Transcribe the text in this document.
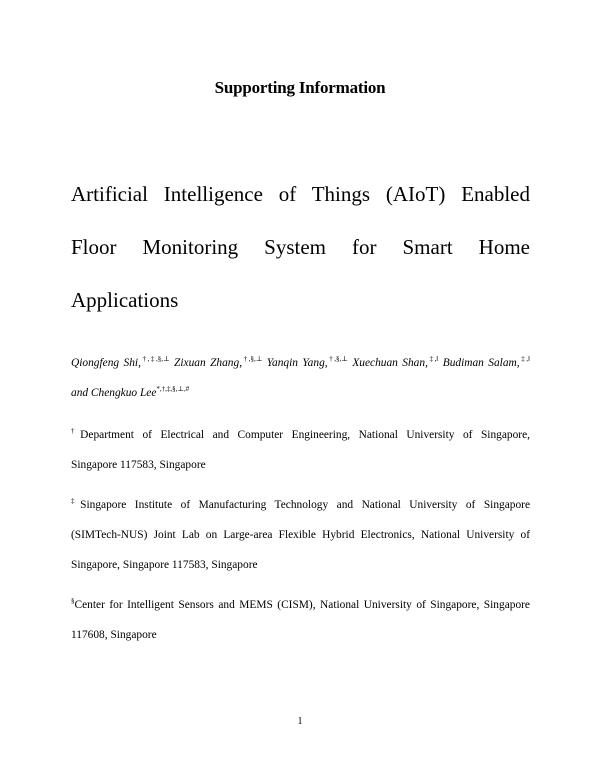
Supporting Information
Artificial Intelligence of Things (AIoT) Enabled
Floor Monitoring System for Smart Home
Applications
Qiongfeng Shi,†,‡,§,⊥ Zixuan Zhang,†,§,⊥ Yanqin Yang,†,§,⊥ Xuechuan Shan,‡,‖ Budiman Salam,‡,‖
and Chengkuo Lee*,†,‡,§,⊥,#
†Department of Electrical and Computer Engineering, National University of Singapore,
Singapore 117583, Singapore
‡Singapore Institute of Manufacturing Technology and National University of Singapore
(SIMTech-NUS) Joint Lab on Large-area Flexible Hybrid Electronics, National University of
Singapore, Singapore 117583, Singapore
§Center for Intelligent Sensors and MEMS (CISM), National University of Singapore, Singapore
117608, Singapore
1
